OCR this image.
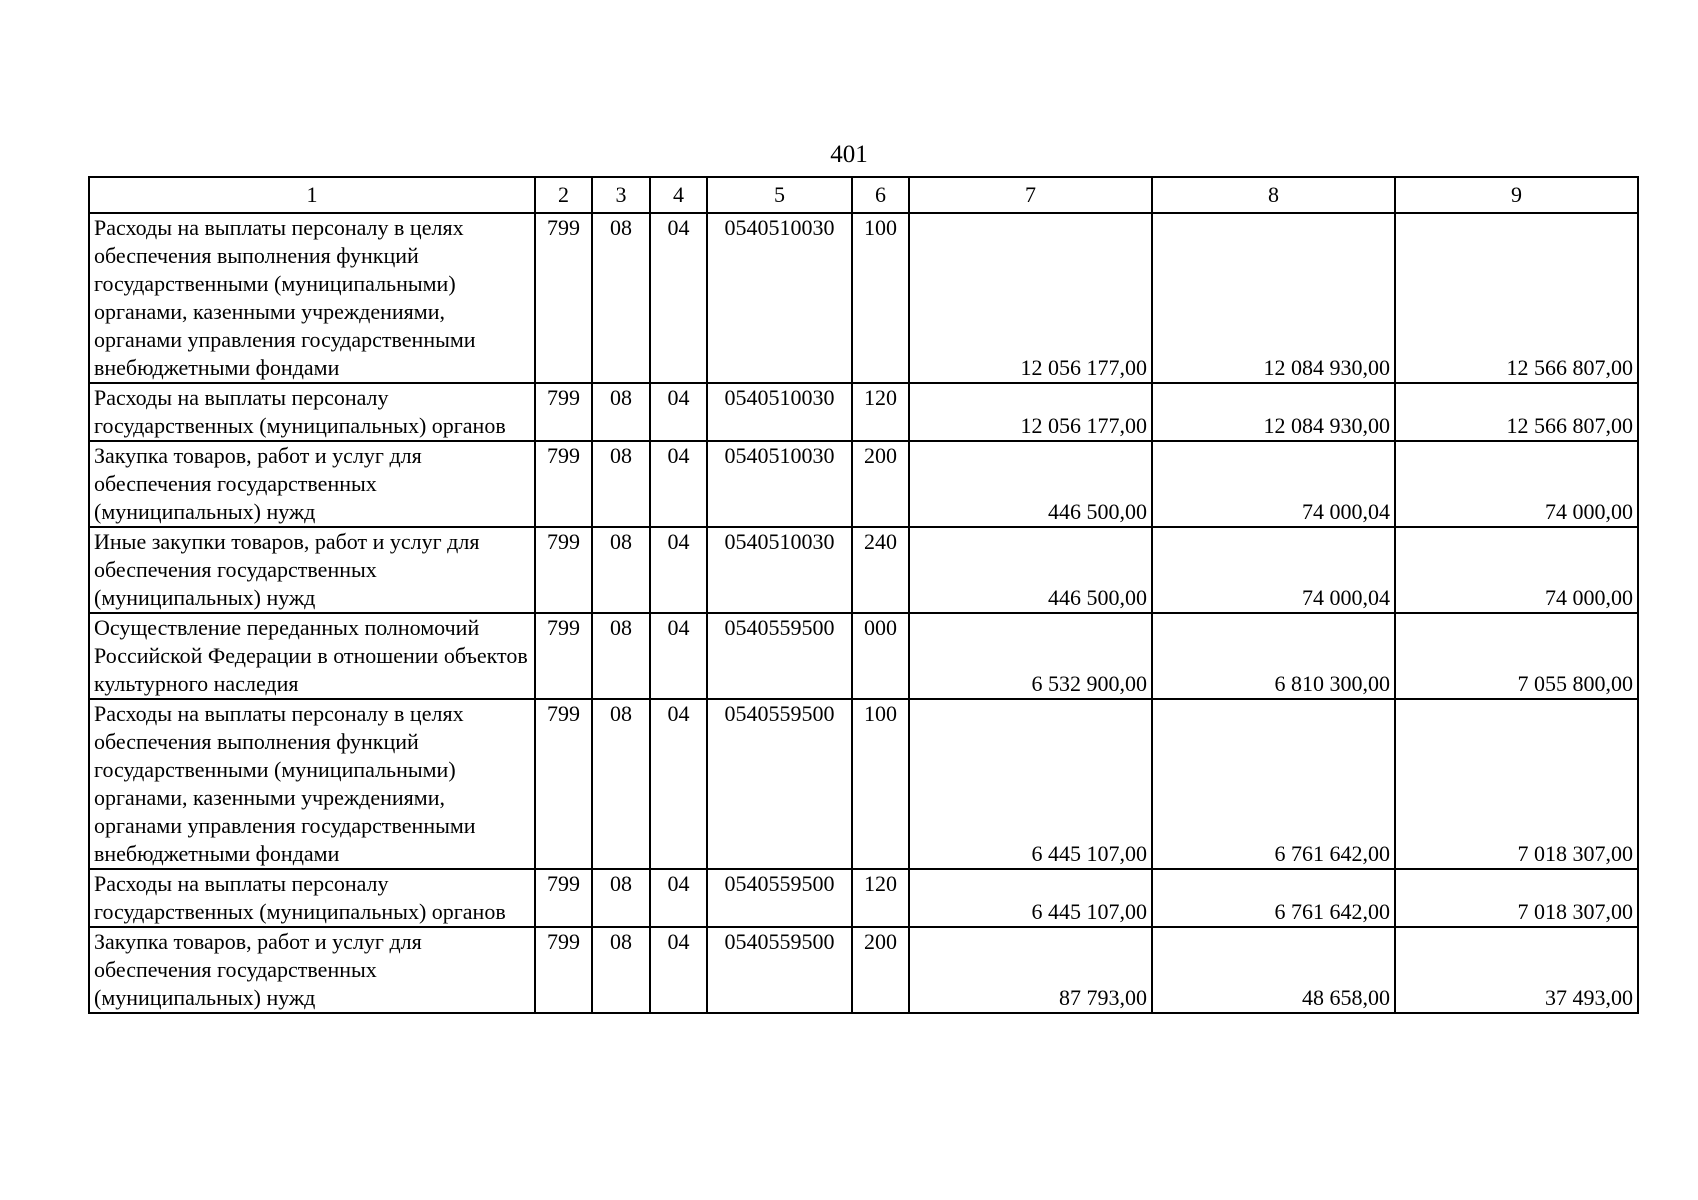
401
1	2	3	4	5	6	7	8	9
Расходы на выплаты персоналу в целях обеспечения выполнения функций государственными (муниципальными) органами, казенными учреждениями, органами управления государственными внебюджетными фондами	799	08	04	0540510030	100	12 056 177,00	12 084 930,00	12 566 807,00
Расходы на выплаты персоналу государственных (муниципальных) органов	799	08	04	0540510030	120	12 056 177,00	12 084 930,00	12 566 807,00
Закупка товаров, работ и услуг для обеспечения государственных (муниципальных) нужд	799	08	04	0540510030	200	446 500,00	74 000,04	74 000,00
Иные закупки товаров, работ и услуг для обеспечения государственных (муниципальных) нужд	799	08	04	0540510030	240	446 500,00	74 000,04	74 000,00
Осуществление переданных полномочий Российской Федерации в отношении объектов культурного наследия	799	08	04	0540559500	000	6 532 900,00	6 810 300,00	7 055 800,00
Расходы на выплаты персоналу в целях обеспечения выполнения функций государственными (муниципальными) органами, казенными учреждениями, органами управления государственными внебюджетными фондами	799	08	04	0540559500	100	6 445 107,00	6 761 642,00	7 018 307,00
Расходы на выплаты персоналу государственных (муниципальных) органов	799	08	04	0540559500	120	6 445 107,00	6 761 642,00	7 018 307,00
Закупка товаров, работ и услуг для обеспечения государственных (муниципальных) нужд	799	08	04	0540559500	200	87 793,00	48 658,00	37 493,00
